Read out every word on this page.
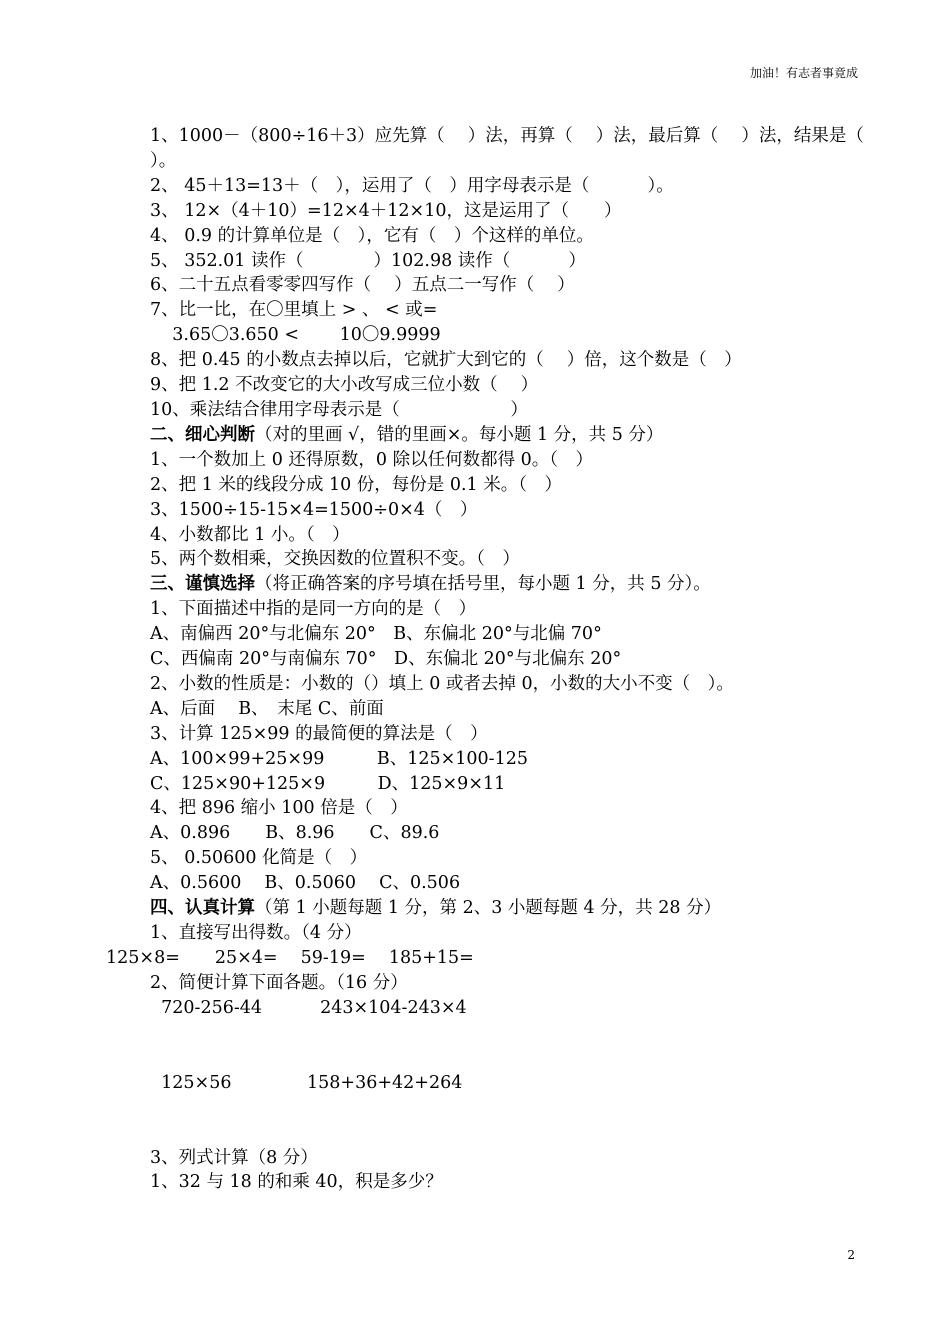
加油！有志者事竟成
1、1000－（800÷16＋3）应先算（　 ）法，再算（　 ）法，最后算（　 ）法，结果是（　 ）。
2、 45＋13=13＋（　），运用了（　）用字母表示是（　　　 ）。
3、 12×（4＋10）=12×4＋12×10，这是运用了（　　）
4、 0.9 的计算单位是（　），它有（　）个这样的单位。
5、 352.01 读作（　　　　）102.98 读作（　　　 ）
6、二十五点看零零四写作（　 ）五点二一写作（　 ）
7、比一比，在〇里填上 > 、 < 或=
3.65〇3.650 <　　 10〇9.9999
8、把 0.45 的小数点去掉以后，它就扩大到它的（　 ）倍，这个数是（　）
9、把 1.2 不改变它的大小改写成三位小数（　 ）
10、乘法结合律用字母表示是（　　　　　　 ）
二、细心判断（对的里画 √，错的里画×。每小题 1 分，共 5 分）
1、一个数加上 0 还得原数，0 除以任何数都得 0。（　）
2、把 1 米的线段分成 10 份，每份是 0.1 米。（　）
3、1500÷15-15×4=1500÷0×4（　）
4、小数都比 1 小。（　）
5、两个数相乘，交换因数的位置积不变。（　）
三、谨慎选择（将正确答案的序号填在括号里，每小题 1 分，共 5 分）。
1、下面描述中指的是同一方向的是（　）
A、南偏西 20°与北偏东 20°　B、东偏北 20°与北偏 70°
C、西偏南 20°与南偏东 70°　D、东偏北 20°与北偏东 20°
2、小数的性质是：小数的（）填上 0 或者去掉 0，小数的大小不变（　）。
A、后面　 B、　末尾 C、前面
3、计算 125×99 的最简便的算法是（　）
A、100×99+25×99　　　B、125×100-125
C、125×90+125×9　　　D、125×9×11
4、把 896 缩小 100 倍是（　）
A、0.896　　B、8.96　　C、89.6
5、 0.50600 化简是（　）
A、0.5600　 B、0.5060　 C、0.506
四、认真计算（第 1 小题每题 1 分，第 2、3 小题每题 4 分，共 28 分）
1、直接写出得数。（4 分）
125×8=　　25×4=　 59-19=　 185+15=
2、简便计算下面各题。（16 分）
720-256-44　　　 243×104-243×4
125×56　　　　 158+36+42+264
3、列式计算（8 分）
1、32 与 18 的和乘 40，积是多少？
2
